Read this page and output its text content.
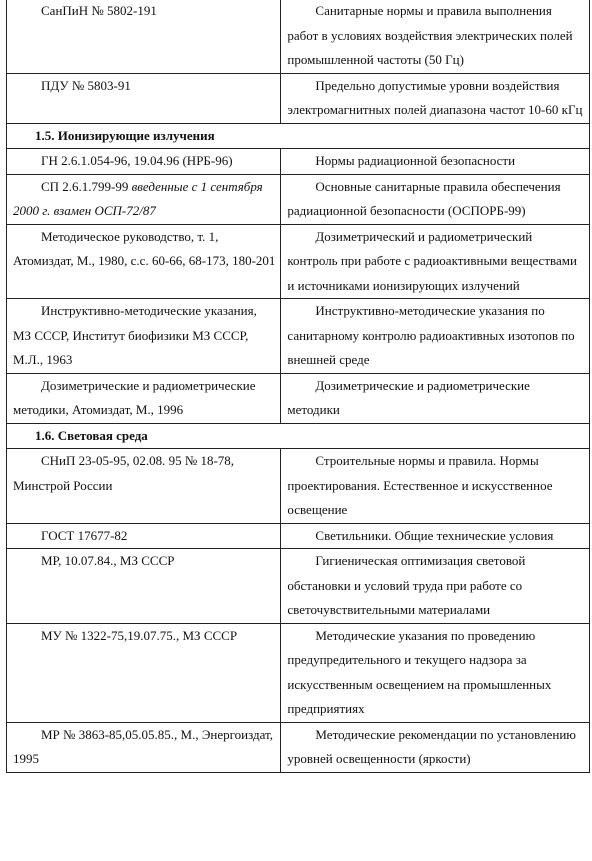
СанПиН № 5802-191	Санитарные нормы и правила выполнения работ в условиях воздействия электрических полей промышленной частоты (50 Гц)
ПДУ № 5803-91	Предельно допустимые уровни воздействия электромагнитных полей диапазона частот 10-60 кГц
1.5. Ионизирующие излучения	
ГН 2.6.1.054-96, 19.04.96 (НРБ-96)	Нормы радиационной безопасности
СП 2.6.1.799-99 введенные с 1 сентября 2000 г. взамен ОСП-72/87	Основные санитарные правила обеспечения радиационной безопасности (ОСПОРБ-99)
Методическое руководство, т. 1, Атомиздат, М., 1980, с.с. 60-66, 68-173, 180-201	Дозиметрический и радиометрический контроль при работе с радиоактивными веществами и источниками ионизирующих излучений
Инструктивно-методические указания, МЗ СССР, Институт биофизики МЗ СССР, М.Л., 1963	Инструктивно-методические указания по санитарному контролю радиоактивных изотопов по внешней среде
Дозиметрические и радиометрические методики, Атомиздат, М., 1996	Дозиметрические и радиометрические методики
1.6. Световая среда	
СНиП 23-05-95, 02.08. 95 № 18-78, Минстрой России	Строительные нормы и правила. Нормы проектирования. Естественное и искусственное освещение
ГОСТ 17677-82	Светильники. Общие технические условия
МР, 10.07.84., МЗ СССР	Гигиеническая оптимизация световой обстановки и условий труда при работе со светочувствительными материалами
МУ № 1322-75,19.07.75., МЗ СССР	Методические указания по проведению предупредительного и текущего надзора за искусственным освещением на промышленных предприятиях
МР № 3863-85,05.05.85., М., Энергоиздат, 1995	Методические рекомендации по установлению уровней освещенности (яркости)
